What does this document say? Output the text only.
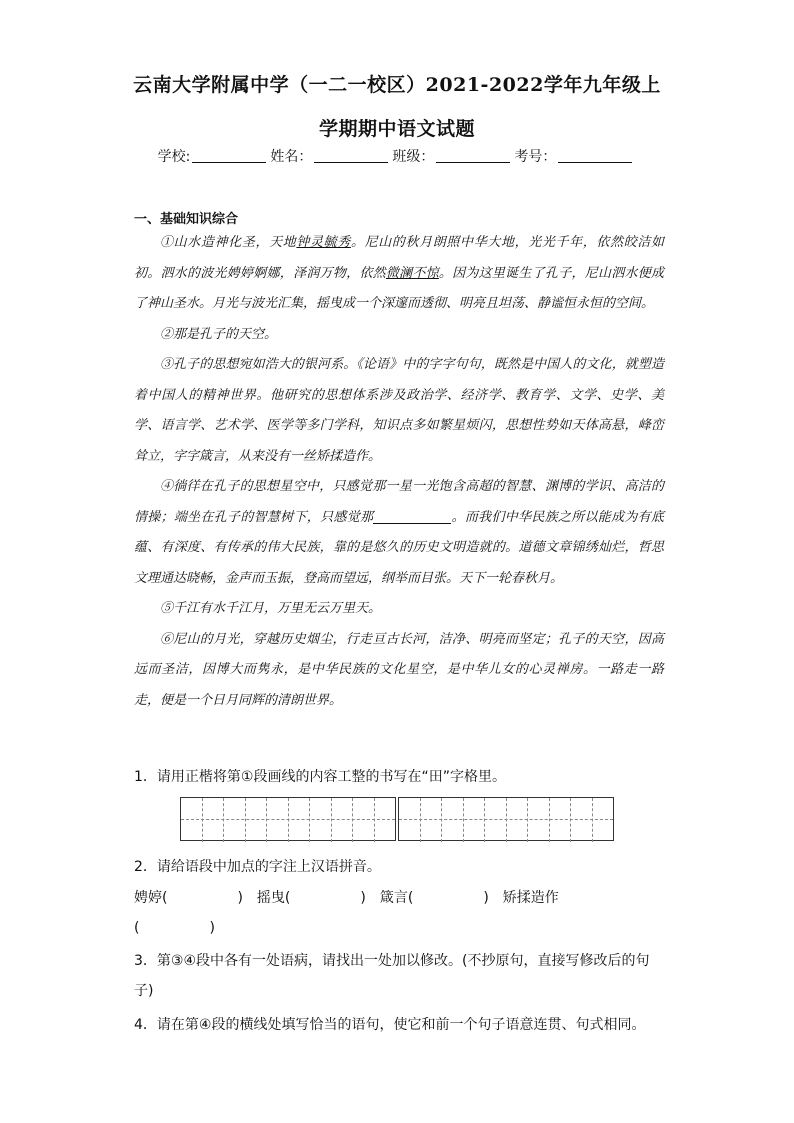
云南大学附属中学（一二一校区）2021-2022学年九年级上
学期期中语文试题
学校:	姓名：	班级：	考号：
一、基础知识综合

①山水造神化圣，天地钟灵毓秀。尼山的秋月朗照中华大地，光光千年，依然皎洁如初。泗水的波光娉婷婀娜，泽润万物，依然微澜不惊。因为这里诞生了孔子，尼山泗水便成了神山圣水。月光与波光汇集，摇曳成一个深邃而透彻、明亮且坦荡、静谧恒永恒的空间。

②那是孔子的天空。

③孔子的思想宛如浩大的银河系。《论语》中的字字句句，既然是中国人的文化，就塑造着中国人的精神世界。他研究的思想体系涉及政治学、经济学、教育学、文学、史学、美学、语言学、艺术学、医学等多门学科，知识点多如繁星烦闪，思想性势如天体高悬，峰峦耸立，字字箴言，从来没有一丝矫揉造作。

④徜徉在孔子的思想星空中，只感觉那一星一光饱含高超的智慧、渊博的学识、高洁的情操；端坐在孔子的智慧树下，只感觉那	。而我们中华民族之所以能成为有底蕴、有深度、有传承的伟大民族，靠的是悠久的历史文明造就的。道德文章锦绣灿烂，哲思文理通达晓畅，金声而玉振，登高而望远，纲举而目张。天下一轮春秋月。

⑤千江有水千江月，万里无云万里天。

⑥尼山的月光，穿越历史烟尘，行走亘古长河，洁净、明亮而坚定；孔子的天空，因高远而圣洁，因博大而隽永，是中华民族的文化星空，是中华儿女的心灵禅房。一路走一路走，便是一个日月同辉的清朗世界。

1．请用正楷将第①段画线的内容工整的书写在“田”字格里。
2．请给语段中加点的字注上汉语拼音。
娉婷(	)　摇曳(	)　箴言(	)　矫揉造作
(	)
3．第③④段中各有一处语病，请找出一处加以修改。(不抄原句，直接写修改后的句子)
4．请在第④段的横线处填写恰当的语句，使它和前一个句子语意连贯、句式相同。
